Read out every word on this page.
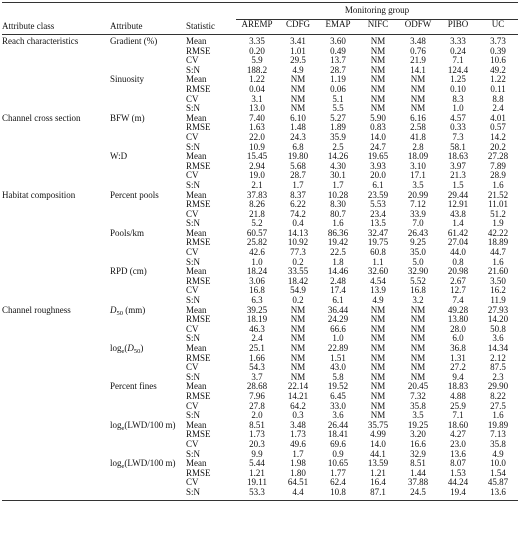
Attribute class	Attribute	Statistic	Monitoring group						
			AREMP	CDFG	EMAP	NIFC	ODFW	PIBO	UC
Reach characteristics	Gradient (%)	Mean	3.35	3.41	3.60	NM	3.48	3.33	3.73
		RMSE	0.20	1.01	0.49	NM	0.76	0.24	0.39
		CV	5.9	29.5	13.7	NM	21.9	7.1	10.6
		S:N	188.2	4.9	28.7	NM	14.1	124.4	49.2
	Sinuosity	Mean	1.22	NM	1.19	NM	NM	1.25	1.22
		RMSE	0.04	NM	0.06	NM	NM	0.10	0.11
		CV	3.1	NM	5.1	NM	NM	8.3	8.8
		S:N	13.0	NM	5.5	NM	NM	1.0	2.4
Channel cross section	BFW (m)	Mean	7.40	6.10	5.27	5.90	6.16	4.57	4.01
		RMSE	1.63	1.48	1.89	0.83	2.58	0.33	0.57
		CV	22.0	24.3	35.9	14.0	41.8	7.3	14.2
		S:N	10.9	6.8	2.5	24.7	2.8	58.1	20.2
	W:D	Mean	15.45	19.80	14.26	19.65	18.09	18.63	27.28
		RMSE	2.94	5.68	4.30	3.93	3.10	3.97	7.89
		CV	19.0	28.7	30.1	20.0	17.1	21.3	28.9
		S:N	2.1	1.7	1.7	6.1	3.5	1.5	1.6
Habitat composition	Percent pools	Mean	37.83	8.37	10.28	23.59	20.99	29.44	21.52
		RMSE	8.26	6.22	8.30	5.53	7.12	12.91	11.01
		CV	21.8	74.2	80.7	23.4	33.9	43.8	51.2
		S:N	5.2	0.4	1.6	13.5	7.0	1.4	1.9
	Pools/km	Mean	60.57	14.13	86.36	32.47	26.43	61.42	42.22
		RMSE	25.82	10.92	19.42	19.75	9.25	27.04	18.89
		CV	42.6	77.3	22.5	60.8	35.0	44.0	44.7
		S:N	1.0	0.2	1.8	1.1	5.0	0.8	1.6
	RPD (cm)	Mean	18.24	33.55	14.46	32.60	32.90	20.98	21.60
		RMSE	3.06	18.42	2.48	4.54	5.52	2.67	3.50
		CV	16.8	54.9	17.4	13.9	16.8	12.7	16.2
		S:N	6.3	0.2	6.1	4.9	3.2	7.4	11.9
Channel roughness	$D_{50}$ (mm)	Mean	39.25	NM	36.44	NM	NM	49.28	27.93
		RMSE	18.19	NM	24.29	NM	NM	13.80	14.20
		CV	46.3	NM	66.6	NM	NM	28.0	50.8
		S:N	2.4	NM	1.0	NM	NM	6.0	3.6
	$\log_e(D_{50})$	Mean	25.1	NM	22.89	NM	NM	36.8	14.34
		RMSE	1.66	NM	1.51	NM	NM	1.31	2.12
		CV	54.3	NM	43.0	NM	NM	27.2	87.5
		S:N	3.7	NM	5.8	NM	NM	9.4	2.3
	Percent fines	Mean	28.68	22.14	19.52	NM	20.45	18.83	29.90
		RMSE	7.96	14.21	6.45	NM	7.32	4.88	8.22
		CV	27.8	64.2	33.0	NM	35.8	25.9	27.5
		S:N	2.0	0.3	3.6	NM	3.5	7.1	1.6
	$\log_e(LWD/100$ m)	Mean	8.51	3.48	26.44	35.75	19.25	18.60	19.89
		RMSE	1.73	1.73	18.41	4.99	3.20	4.27	7.13
		CV	20.3	49.6	69.6	14.0	16.6	23.0	35.8
		S:N	9.9	1.7	0.9	44.1	32.9	13.6	4.9
	$\log_e(LWD/100$ m)	Mean	5.44	1.98	10.65	13.59	8.51	8.07	10.0
		RMSE	1.21	1.80	1.77	1.21	1.44	1.53	1.54
		CV	19.11	64.51	62.4	16.4	37.88	44.24	45.87
		S:N	53.3	4.4	10.8	87.1	24.5	19.4	13.6
